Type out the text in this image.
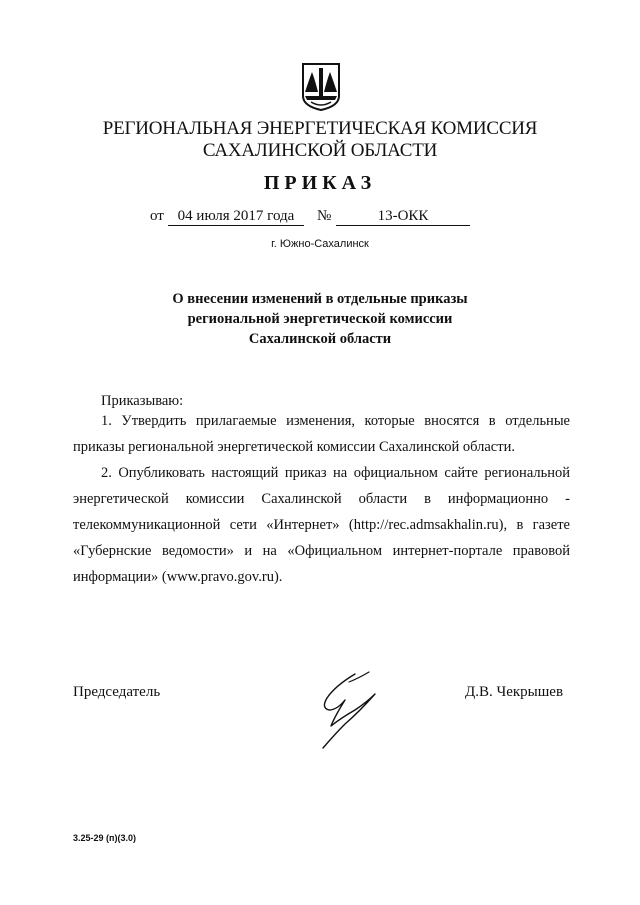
РЕГИОНАЛЬНАЯ ЭНЕРГЕТИЧЕСКАЯ КОМИССИЯ
САХАЛИНСКОЙ ОБЛАСТИ
ПРИКАЗ
от 04 июля 2017 года	№	13-ОКК
г. Южно-Сахалинск
О внесении изменений в отдельные приказы
региональной энергетической комиссии
Сахалинской области
Приказываю:
1. Утвердить прилагаемые изменения, которые вносятся в отдельные приказы региональной энергетической комиссии Сахалинской области.
2. Опубликовать настоящий приказ на официальном сайте региональной энергетической комиссии Сахалинской области в информационно - телекоммуникационной сети «Интернет» (http://rec.admsakhalin.ru), в газете «Губернские ведомости» и на «Официальном интернет-портале правовой информации» (www.pravo.gov.ru).
Председатель	Д.В. Чекрышев
3.25-29 (п)(3.0)
